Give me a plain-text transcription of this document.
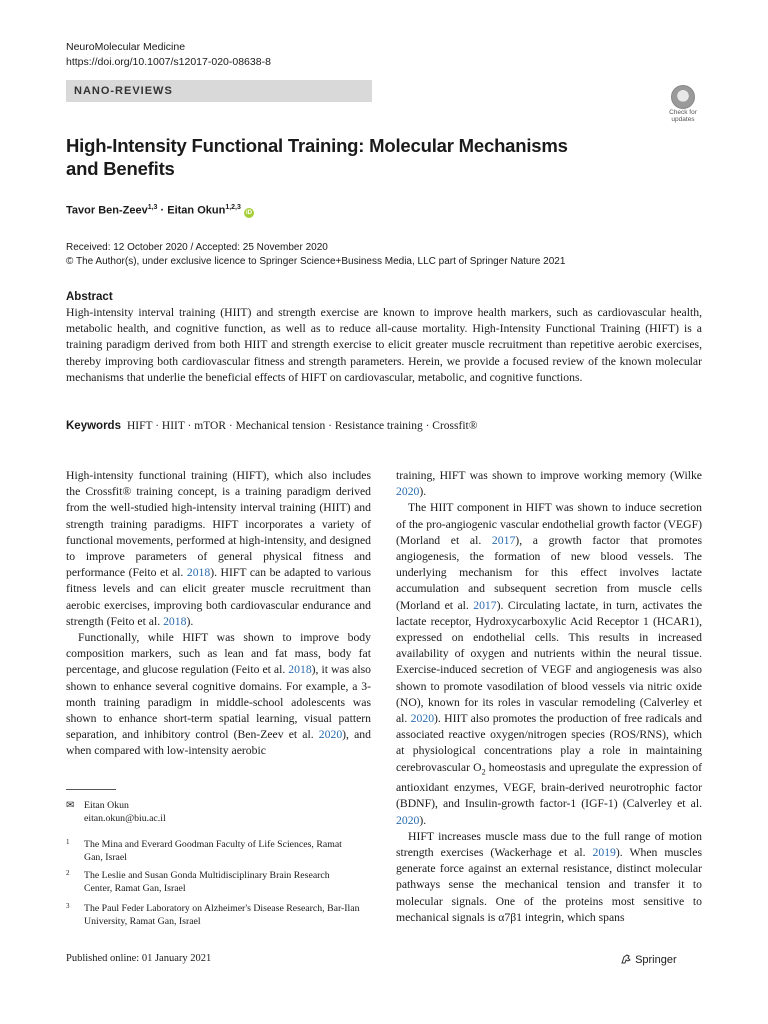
NeuroMolecular Medicine
https://doi.org/10.1007/s12017-020-08638-8
NANO-REVIEWS
Check for updates
High-Intensity Functional Training: Molecular Mechanisms and Benefits
Tavor Ben-Zeev$^{1,3}$ · Eitan Okun$^{1,2,3}$ iD
Received: 12 October 2020 / Accepted: 25 November 2020
© The Author(s), under exclusive licence to Springer Science+Business Media, LLC part of Springer Nature 2021
Abstract
High-intensity interval training (HIIT) and strength exercise are known to improve health markers, such as cardiovascular health, metabolic health, and cognitive function, as well as to reduce all-cause mortality. High-Intensity Functional Training (HIFT) is a training paradigm derived from both HIIT and strength exercise to elicit greater muscle recruitment than repetitive aerobic exercises, thereby improving both cardiovascular fitness and strength parameters. Herein, we provide a focused review of the known molecular mechanisms that underlie the beneficial effects of HIFT on cardiovascular, metabolic, and cognitive functions.
Keywords HIFT · HIIT · mTOR · Mechanical tension · Resistance training · Crossfit®

High-intensity functional training (HIFT), which also includes the Crossfit® training concept, is a training paradigm derived from the well-studied high-intensity interval training (HIIT) and strength training paradigms. HIFT incorporates a variety of functional movements, performed at high-intensity, and designed to improve parameters of general physical fitness and performance (Feito et al. 2018). HIFT can be adapted to various fitness levels and can elicit greater muscle recruitment than aerobic exercises, improving both cardiovascular endurance and strength (Feito et al. 2018).

Functionally, while HIFT was shown to improve body composition markers, such as lean and fat mass, body fat percentage, and glucose regulation (Feito et al. 2018), it was also shown to enhance several cognitive domains. For example, a 3-month training paradigm in middle-school adolescents was shown to enhance short-term spatial learning, visual pattern separation, and inhibitory control (Ben-Zeev et al. 2020), and when compared with low-intensity aerobic

✉ Eitan Okun
eitan.okun@biu.ac.il
1 The Mina and Everard Goodman Faculty of Life Sciences, Ramat Gan, Israel
2 The Leslie and Susan Gonda Multidisciplinary Brain Research Center, Ramat Gan, Israel
3 The Paul Feder Laboratory on Alzheimer's Disease Research, Bar-Ilan University, Ramat Gan, Israel

training, HIFT was shown to improve working memory (Wilke 2020).

The HIIT component in HIFT was shown to induce secretion of the pro-angiogenic vascular endothelial growth factor (VEGF) (Morland et al. 2017), a growth factor that promotes angiogenesis, the formation of new blood vessels. The underlying mechanism for this effect involves lactate accumulation and subsequent secretion from muscle cells (Morland et al. 2017). Circulating lactate, in turn, activates the lactate receptor, Hydroxycarboxylic Acid Receptor 1 (HCAR1), expressed on endothelial cells. This results in increased availability of oxygen and nutrients within the neural tissue. Exercise-induced secretion of VEGF and angiogenesis was also shown to promote vasodilation of blood vessels via nitric oxide (NO), known for its roles in vascular remodeling (Calverley et al. 2020). HIIT also promotes the production of free radicals and associated reactive oxygen/nitrogen species (ROS/RNS), which at physiological concentrations play a role in maintaining cerebrovascular $O_2$ homeostasis and upregulate the expression of antioxidant enzymes, VEGF, brain-derived neurotrophic factor (BDNF), and Insulin-growth factor-1 (IGF-1) (Calverley et al. 2020).

HIFT increases muscle mass due to the full range of motion strength exercises (Wackerhage et al. 2019). When muscles generate force against an external resistance, distinct molecular pathways sense the mechanical tension and transfer it to molecular signals. One of the proteins most sensitive to mechanical signals is α7β1 integrin, which spans

Published online: 01 January 2021	Springer
